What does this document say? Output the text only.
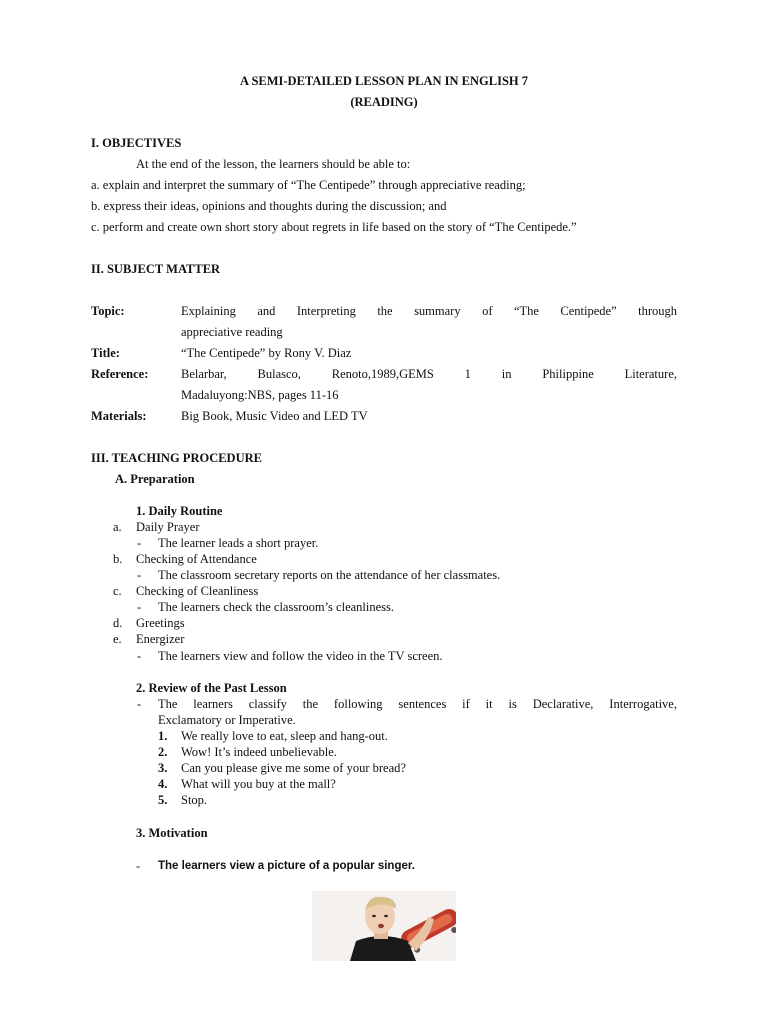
A SEMI-DETAILED LESSON PLAN IN ENGLISH 7
(READING)
I. OBJECTIVES
At the end of the lesson, the learners should be able to:
a. explain and interpret the summary of “The Centipede” through appreciative reading;
b. express their ideas, opinions and thoughts during the discussion; and
c. perform and create own short story about regrets in life based on the story of “The Centipede.”
II. SUBJECT MATTER
Topic:	Explaining and Interpreting the summary of “The Centipede” through
appreciative reading
Title:	“The Centipede” by Rony V. Diaz
Reference:	Belarbar, Bulasco, Renoto,1989,GEMS 1 in Philippine Literature,
Madaluyong:NBS, pages 11-16
Materials:	Big Book, Music Video and LED TV
III. TEACHING PROCEDURE
A. Preparation
1. Daily Routine
a. Daily Prayer
- The learner leads a short prayer.
b. Checking of Attendance
- The classroom secretary reports on the attendance of her classmates.
c. Checking of Cleanliness
- The learners check the classroom’s cleanliness.
d. Greetings
e. Energizer
- The learners view and follow the video in the TV screen.
2. Review of the Past Lesson
- The learners classify the following sentences if it is Declarative, Interrogative,
Exclamatory or Imperative.
1. We really love to eat, sleep and hang-out.
2. Wow! It’s indeed unbelievable.
3. Can you please give me some of your bread?
4. What will you buy at the mall?
5. Stop.
3. Motivation
- The learners view a picture of a popular singer.
